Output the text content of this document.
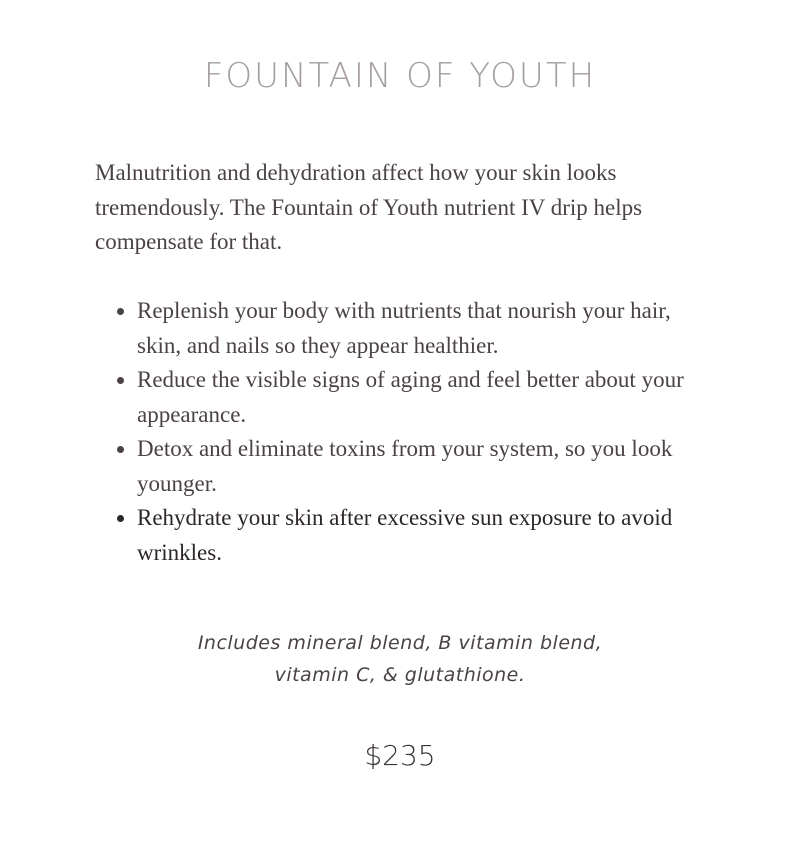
FOUNTAIN OF YOUTH

Malnutrition and dehydration affect how your skin looks tremendously. The Fountain of Youth nutrient IV drip helps compensate for that.

• Replenish your body with nutrients that nourish your hair, skin, and nails so they appear healthier.
• Reduce the visible signs of aging and feel better about your appearance.
• Detox and eliminate toxins from your system, so you look younger.
• Rehydrate your skin after excessive sun exposure to avoid wrinkles.
Includes mineral blend, B vitamin blend,
vitamin C, & glutathione.
$235
